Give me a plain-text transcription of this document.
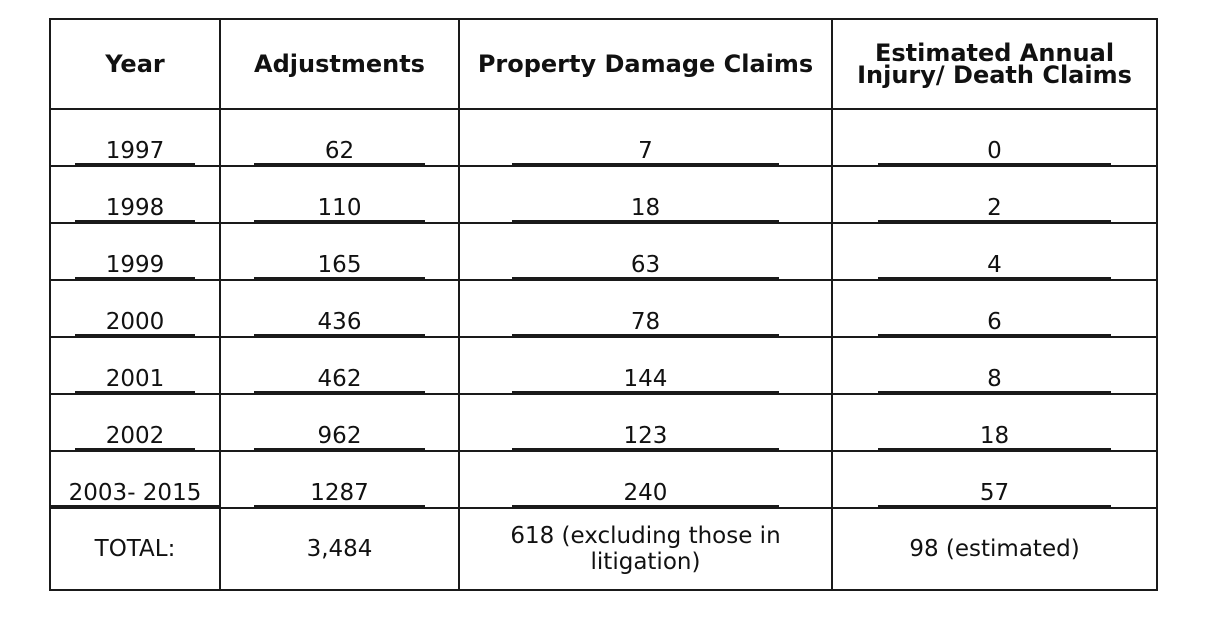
Year	Adjustments	Property Damage Claims	Estimated Annual Injury/ Death Claims
1997	62	7	0
1998	110	18	2
1999	165	63	4
2000	436	78	6
2001	462	144	8
2002	962	123	18
2003- 2015	1287	240	57
TOTAL:	3,484	618 (excluding those in litigation)	98 (estimated)
